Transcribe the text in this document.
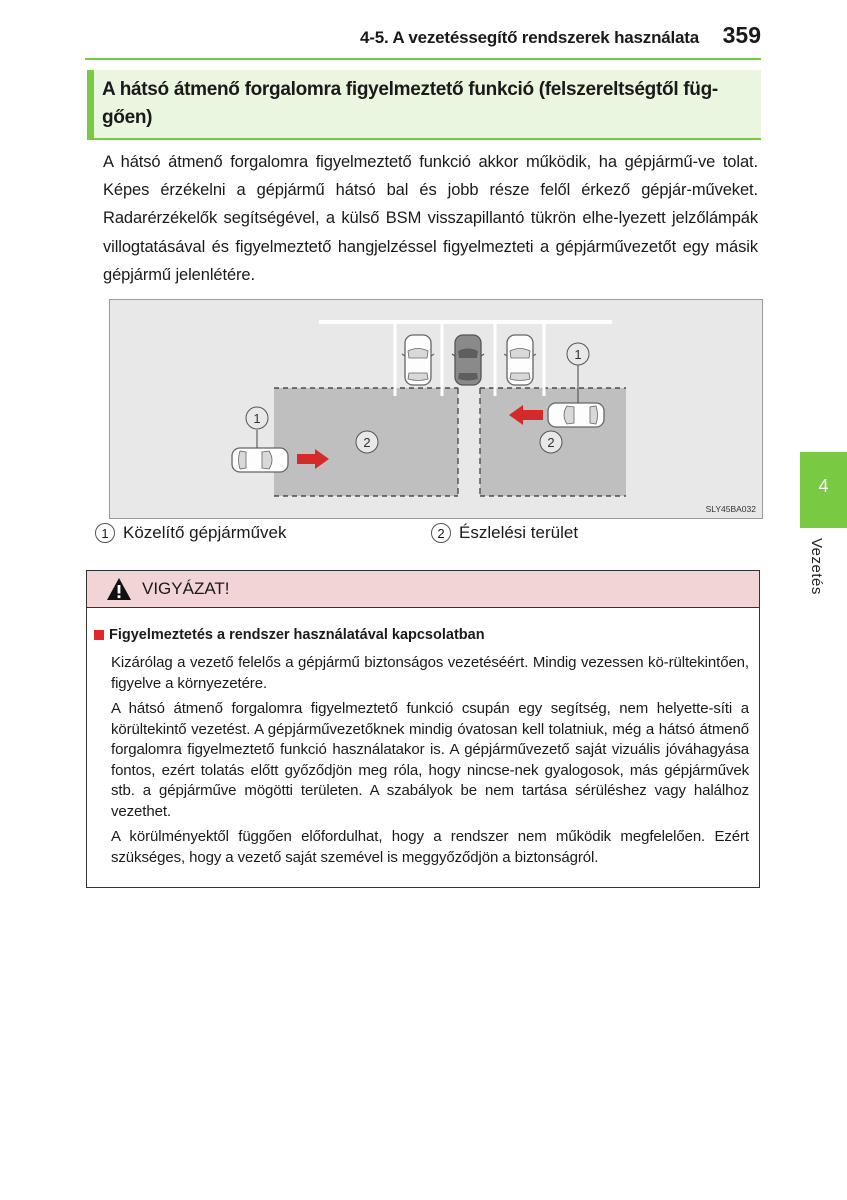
4-5. A vezetéssegítő rendszerek használata 359
A hátsó átmenő forgalomra figyelmeztető funkció (felszereltségtől füg-gően)
A hátsó átmenő forgalomra figyelmeztető funkció akkor működik, ha gépjármű-ve tolat. Képes érzékelni a gépjármű hátsó bal és jobb része felől érkező gépjár-műveket. Radarérzékelők segítségével, a külső BSM visszapillantó tükrön elhe-lyezett jelzőlámpák villogtatásával és figyelmeztető hangjelzéssel figyelmezteti a gépjárművezetőt egy másik gépjármű jelenlétére.
1
1
2	2
SLY45BA032
1 Közelítő gépjárművek	2 Észlelési terület
4
Vezetés
VIGYÁZAT!
Figyelmeztetés a rendszer használatával kapcsolatban
Kizárólag a vezető felelős a gépjármű biztonságos vezetéséért. Mindig vezessen kö-rültekintően, figyelve a környezetére.
A hátsó átmenő forgalomra figyelmeztető funkció csupán egy segítség, nem helyette-síti a körültekintő vezetést. A gépjárművezetőknek mindig óvatosan kell tolatniuk, még a hátsó átmenő forgalomra figyelmeztető funkció használatakor is. A gépjárművezető saját vizuális jóváhagyása fontos, ezért tolatás előtt győződjön meg róla, hogy nincse-nek gyalogosok, más gépjárművek stb. a gépjárműve mögötti területen. A szabályok be nem tartása sérüléshez vagy halálhoz vezethet.
A körülményektől függően előfordulhat, hogy a rendszer nem működik megfelelően. Ezért szükséges, hogy a vezető saját szemével is meggyőződjön a biztonságról.
